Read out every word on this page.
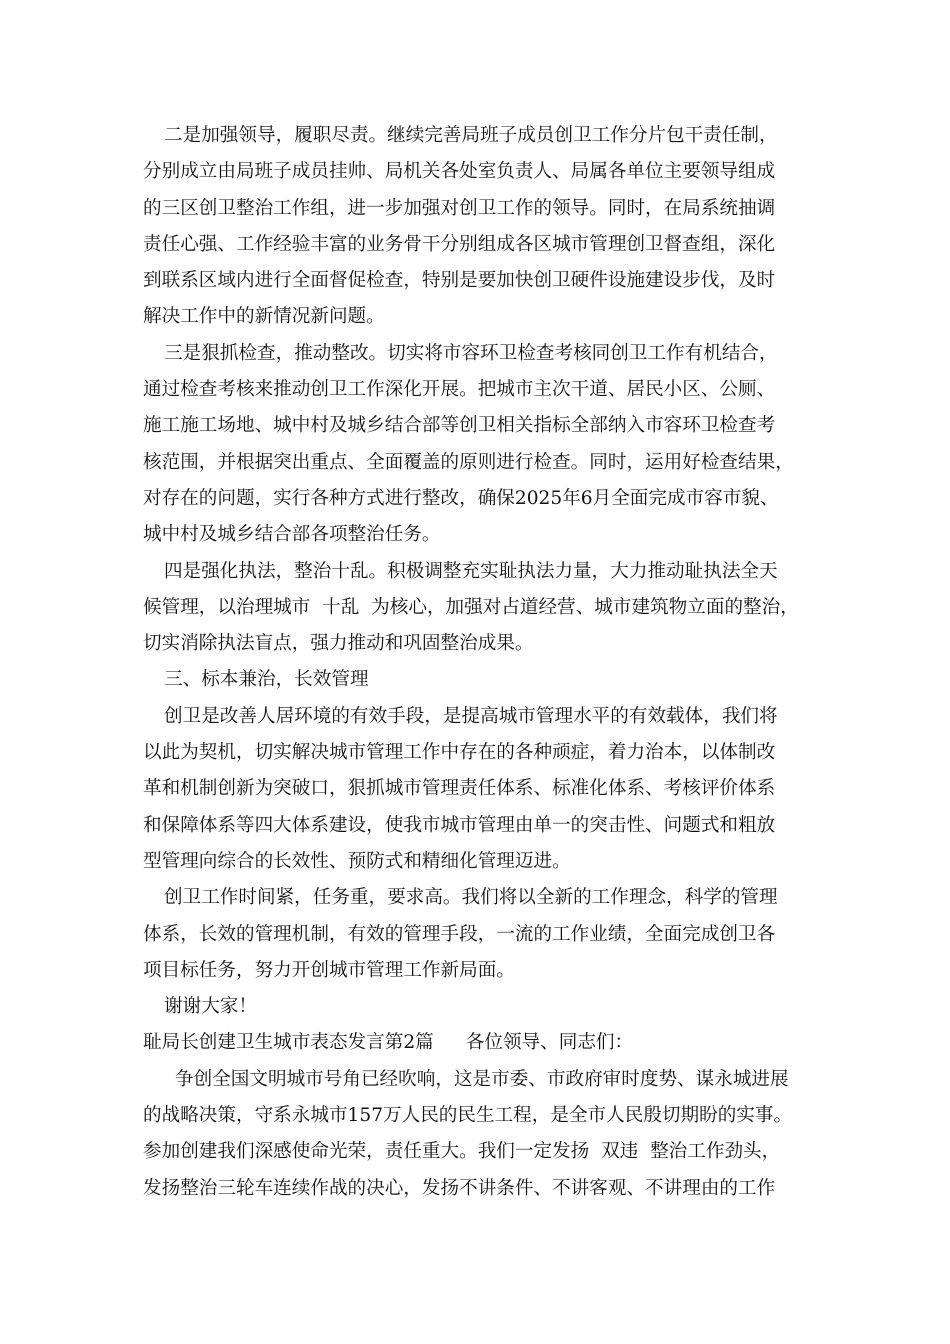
二是加强领导，履职尽责。继续完善局班子成员创卫工作分片包干责任制，
分别成立由局班子成员挂帅、局机关各处室负责人、局属各单位主要领导组成
的三区创卫整治工作组，进一步加强对创卫工作的领导。同时，在局系统抽调
责任心强、工作经验丰富的业务骨干分别组成各区城市管理创卫督查组，深化
到联系区域内进行全面督促检查，特别是要加快创卫硬件设施建设步伐，及时
解决工作中的新情况新问题。
三是狠抓检查，推动整改。切实将市容环卫检查考核同创卫工作有机结合，
通过检查考核来推动创卫工作深化开展。把城市主次干道、居民小区、公厕、
施工施工场地、城中村及城乡结合部等创卫相关指标全部纳入市容环卫检查考
核范围，并根据突出重点、全面覆盖的原则进行检查。同时，运用好检查结果，
对存在的问题，实行各种方式进行整改，确保2025年6月全面完成市容市貌、
城中村及城乡结合部各项整治任务。
四是强化执法，整治十乱。积极调整充实耻执法力量，大力推动耻执法全天
候管理，以治理城市  十乱  为核心，加强对占道经营、城市建筑物立面的整治，
切实消除执法盲点，强力推动和巩固整治成果。
三、标本兼治，长效管理
创卫是改善人居环境的有效手段，是提高城市管理水平的有效载体，我们将
以此为契机，切实解决城市管理工作中存在的各种顽症，着力治本，以体制改
革和机制创新为突破口，狠抓城市管理责任体系、标准化体系、考核评价体系
和保障体系等四大体系建设，使我市城市管理由单一的突击性、问题式和粗放
型管理向综合的长效性、预防式和精细化管理迈进。
创卫工作时间紧，任务重，要求高。我们将以全新的工作理念，科学的管理
体系，长效的管理机制，有效的管理手段，一流的工作业绩，全面完成创卫各
项目标任务，努力开创城市管理工作新局面。
谢谢大家！
耻局长创建卫生城市表态发言第2篇 各位领导、同志们：
争创全国文明城市号角已经吹响，这是市委、市政府审时度势、谋永城进展
的战略决策，守系永城市157万人民的民生工程，是全市人民殷切期盼的实事。
参加创建我们深感使命光荣，责任重大。我们一定发扬  双违  整治工作劲头，
发扬整治三轮车连续作战的决心，发扬不讲条件、不讲客观、不讲理由的工作
